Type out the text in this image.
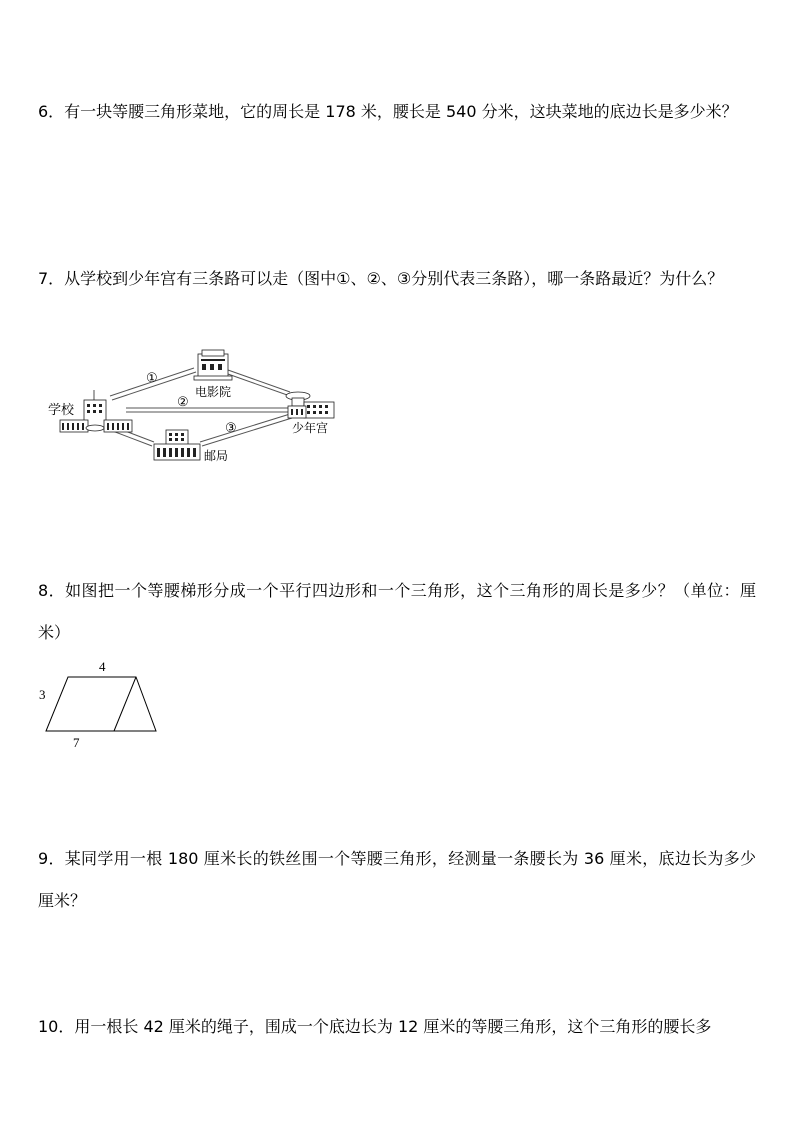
6．有一块等腰三角形菜地，它的周长是 178 米，腰长是 540 分米，这块菜地的底边长是多少米？

7．从学校到少年宫有三条路可以走（图中①、②、③分别代表三条路），哪一条路最近？为什么？

学校
电影院
少年宫
邮局
①
②
③

8．如图把一个等腰梯形分成一个平行四边形和一个三角形，这个三角形的周长是多少？（单位：厘米）

4
3
7

9．某同学用一根 180 厘米长的铁丝围一个等腰三角形，经测量一条腰长为 36 厘米，底边长为多少厘米？

10．用一根长 42 厘米的绳子，围成一个底边长为 12 厘米的等腰三角形，这个三角形的腰长多
